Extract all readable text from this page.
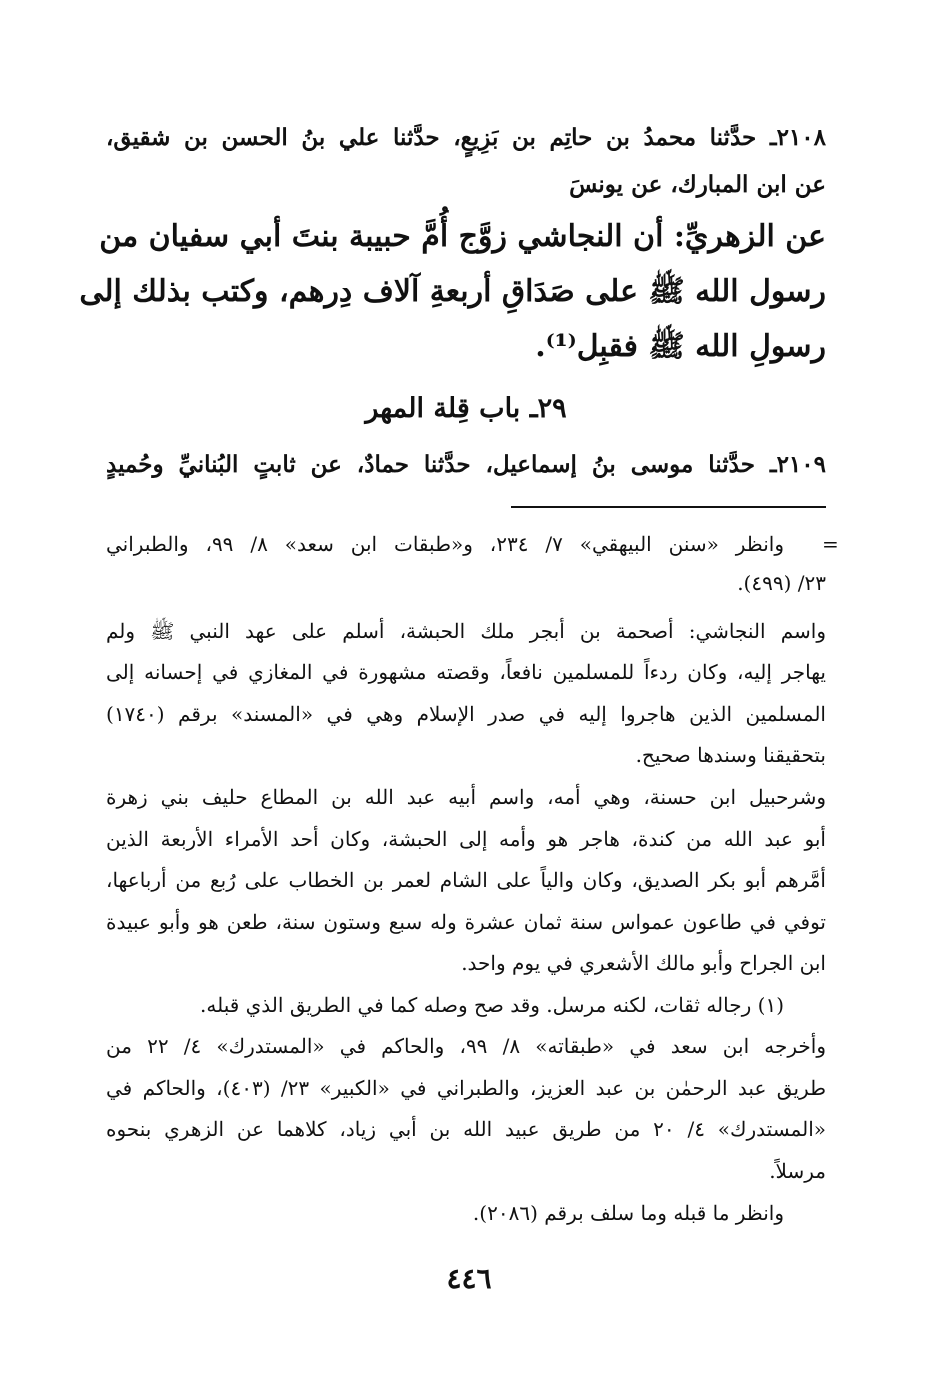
٢١٠٨ـ حدَّثنا محمدُ بن حاتِم بن بَزِيعٍ، حدَّثنا علي بنُ الحسن بن شقيق،
عن ابن المبارك، عن يونسَ
عن الزهريِّ: أن النجاشي زوَّج أُمَّ حبيبة بنتَ أبي سفيان من
رسول الله ﷺ على صَدَاقِ أربعةِ آلاف دِرهم، وكتب بذلك إلى
رسولِ الله ﷺ فقبِل⁽¹⁾.
٢٩ـ باب قِلة المهر
٢١٠٩ـ حدَّثنا موسى بنُ إسماعيل، حدَّثنا حمادٌ، عن ثابتٍ البُنانيِّ وحُميدٍ
=
وانظر «سنن البيهقي» ٧/ ٢٣٤، و«طبقات ابن سعد» ٨/ ٩٩، والطبراني
٢٣/ (٤٩٩).
واسم النجاشي: أصحمة بن أبجر ملك الحبشة، أسلم على عهد النبي ﷺ ولم
يهاجر إليه، وكان ردءاً للمسلمين نافعاً، وقصته مشهورة في المغازي في إحسانه إلى
المسلمين الذين هاجروا إليه في صدر الإسلام وهي في «المسند» برقم (١٧٤٠)
بتحقيقنا وسندها صحيح.
وشرحبيل ابن حسنة، وهي أمه، واسم أبيه عبد الله بن المطاع حليف بني زهرة
أبو عبد الله من كندة، هاجر هو وأمه إلى الحبشة، وكان أحد الأمراء الأربعة الذين
أمَّرهم أبو بكر الصديق، وكان والياً على الشام لعمر بن الخطاب على رُبع من أرباعها،
توفي في طاعون عمواس سنة ثمان عشرة وله سبع وستون سنة، طعن هو وأبو عبيدة
ابن الجراح وأبو مالك الأشعري في يوم واحد.
(١) رجاله ثقات، لكنه مرسل. وقد صح وصله كما في الطريق الذي قبله.
وأخرجه ابن سعد في «طبقاته» ٨/ ٩٩، والحاكم في «المستدرك» ٤/ ٢٢ من
طريق عبد الرحمٰن بن عبد العزيز، والطبراني في «الكبير» ٢٣/ (٤٠٣)، والحاكم في
«المستدرك» ٤/ ٢٠ من طريق عبيد الله بن أبي زياد، كلاهما عن الزهري بنحوه
مرسلاً.
وانظر ما قبله وما سلف برقم (٢٠٨٦).
٤٤٦
